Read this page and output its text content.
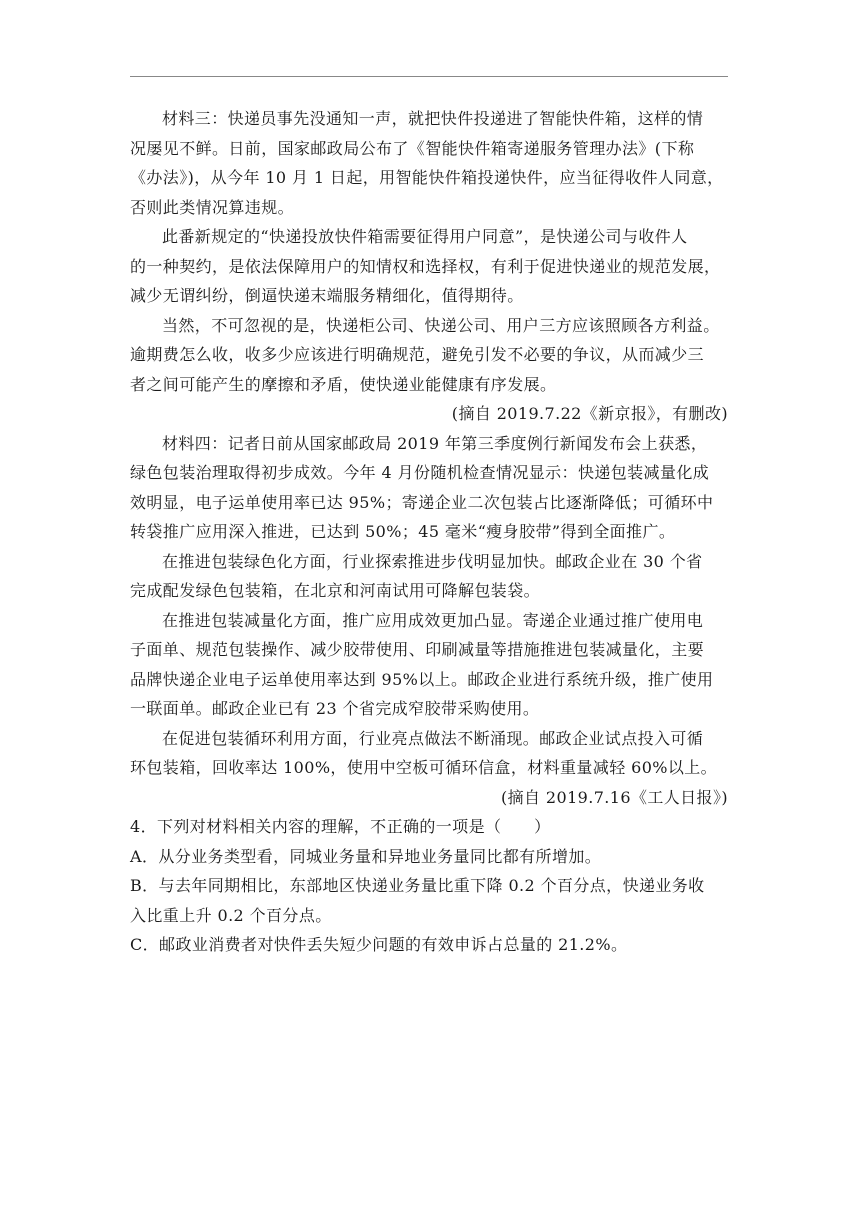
材料三：快递员事先没通知一声，就把快件投递进了智能快件箱，这样的情
况屡见不鲜。日前，国家邮政局公布了《智能快件箱寄递服务管理办法》(下称
《办法》)，从今年 10 月 1 日起，用智能快件箱投递快件，应当征得收件人同意，
否则此类情况算违规。
此番新规定的“快递投放快件箱需要征得用户同意”，是快递公司与收件人
的一种契约，是依法保障用户的知情权和选择权，有利于促进快递业的规范发展，
减少无谓纠纷，倒逼快递末端服务精细化，值得期待。
当然，不可忽视的是，快递柜公司、快递公司、用户三方应该照顾各方利益。
逾期费怎么收，收多少应该进行明确规范，避免引发不必要的争议，从而减少三
者之间可能产生的摩擦和矛盾，使快递业能健康有序发展。
(摘自 2019.7.22《新京报》，有删改)
材料四：记者日前从国家邮政局 2019 年第三季度例行新闻发布会上获悉，
绿色包装治理取得初步成效。今年 4 月份随机检查情况显示：快递包装减量化成
效明显，电子运单使用率已达 95%；寄递企业二次包装占比逐渐降低；可循环中
转袋推广应用深入推进，已达到 50%；45 毫米“瘦身胶带”得到全面推广。
在推进包装绿色化方面，行业探索推进步伐明显加快。邮政企业在 30 个省
完成配发绿色包装箱，在北京和河南试用可降解包装袋。
在推进包装减量化方面，推广应用成效更加凸显。寄递企业通过推广使用电
子面单、规范包装操作、减少胶带使用、印刷减量等措施推进包装减量化，主要
品牌快递企业电子运单使用率达到 95%以上。邮政企业进行系统升级，推广使用
一联面单。邮政企业已有 23 个省完成窄胶带采购使用。
在促进包装循环利用方面，行业亮点做法不断涌现。邮政企业试点投入可循
环包装箱，回收率达 100%，使用中空板可循环信盒，材料重量减轻 60%以上。
(摘自 2019.7.16《工人日报》)
4．下列对材料相关内容的理解，不正确的一项是（　　）
A．从分业务类型看，同城业务量和异地业务量同比都有所增加。
B．与去年同期相比，东部地区快递业务量比重下降 0.2 个百分点，快递业务收
入比重上升 0.2 个百分点。
C．邮政业消费者对快件丢失短少问题的有效申诉占总量的 21.2%。
